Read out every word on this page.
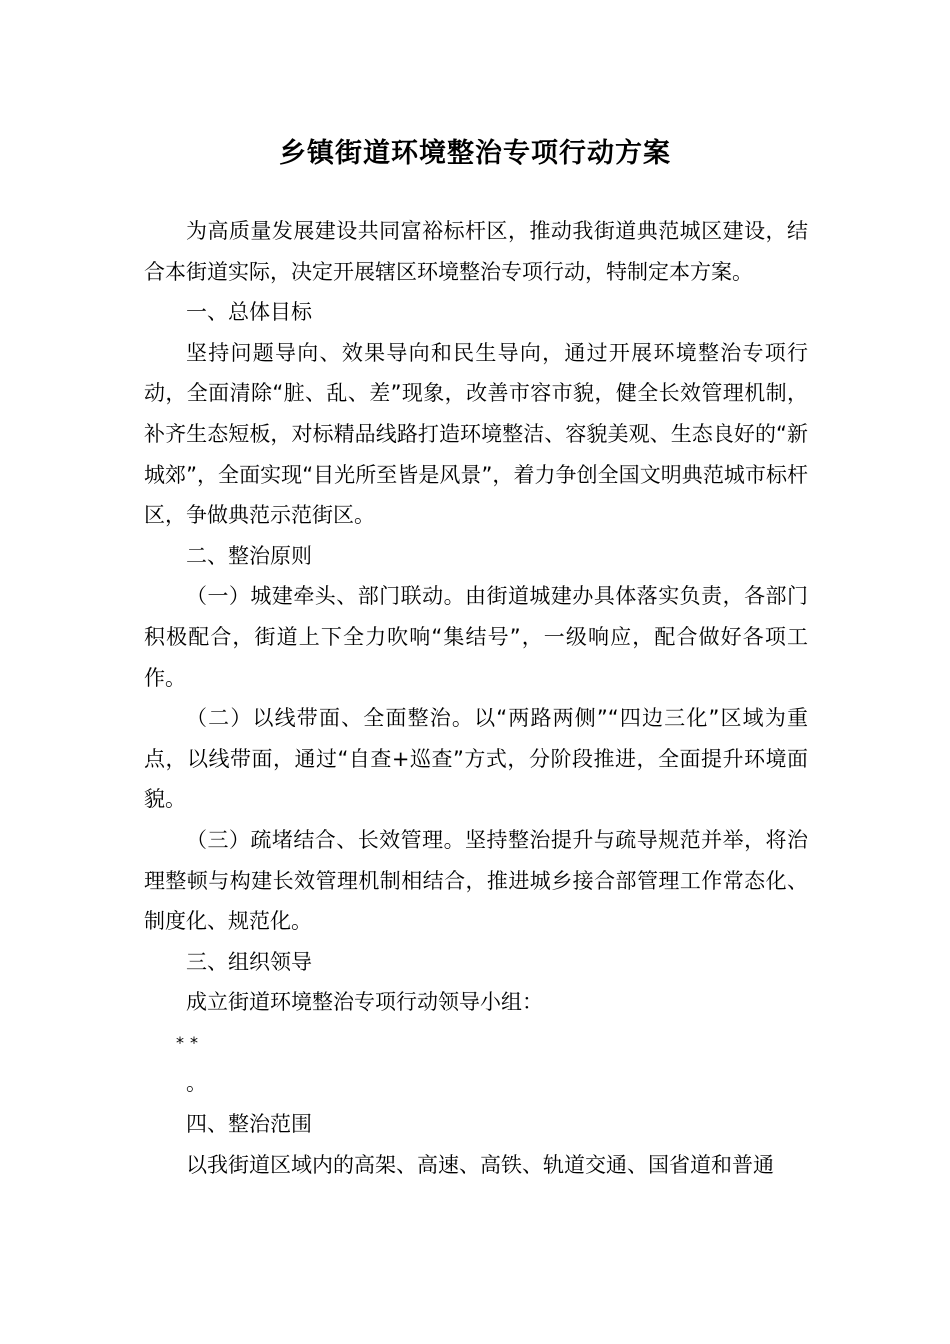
乡镇街道环境整治专项行动方案

为高质量发展建设共同富裕标杆区，推动我街道典范城区建设，结合本街道实际，决定开展辖区环境整治专项行动，特制定本方案。

一、总体目标

坚持问题导向、效果导向和民生导向，通过开展环境整治专项行动，全面清除“脏、乱、差”现象，改善市容市貌，健全长效管理机制，补齐生态短板，对标精品线路打造环境整洁、容貌美观、生态良好的“新城郊”，全面实现“目光所至皆是风景”，着力争创全国文明典范城市标杆区，争做典范示范街区。

二、整治原则

（一）城建牵头、部门联动。由街道城建办具体落实负责，各部门积极配合，街道上下全力吹响“集结号”，一级响应，配合做好各项工作。

（二）以线带面、全面整治。以“两路两侧”“四边三化”区域为重点，以线带面，通过“自查+巡查”方式，分阶段推进，全面提升环境面貌。

（三）疏堵结合、长效管理。坚持整治提升与疏导规范并举，将治理整顿与构建长效管理机制相结合，推进城乡接合部管理工作常态化、制度化、规范化。

三、组织领导

成立街道环境整治专项行动领导小组：

**

。

四、整治范围

以我街道区域内的高架、高速、高铁、轨道交通、国省道和普通
